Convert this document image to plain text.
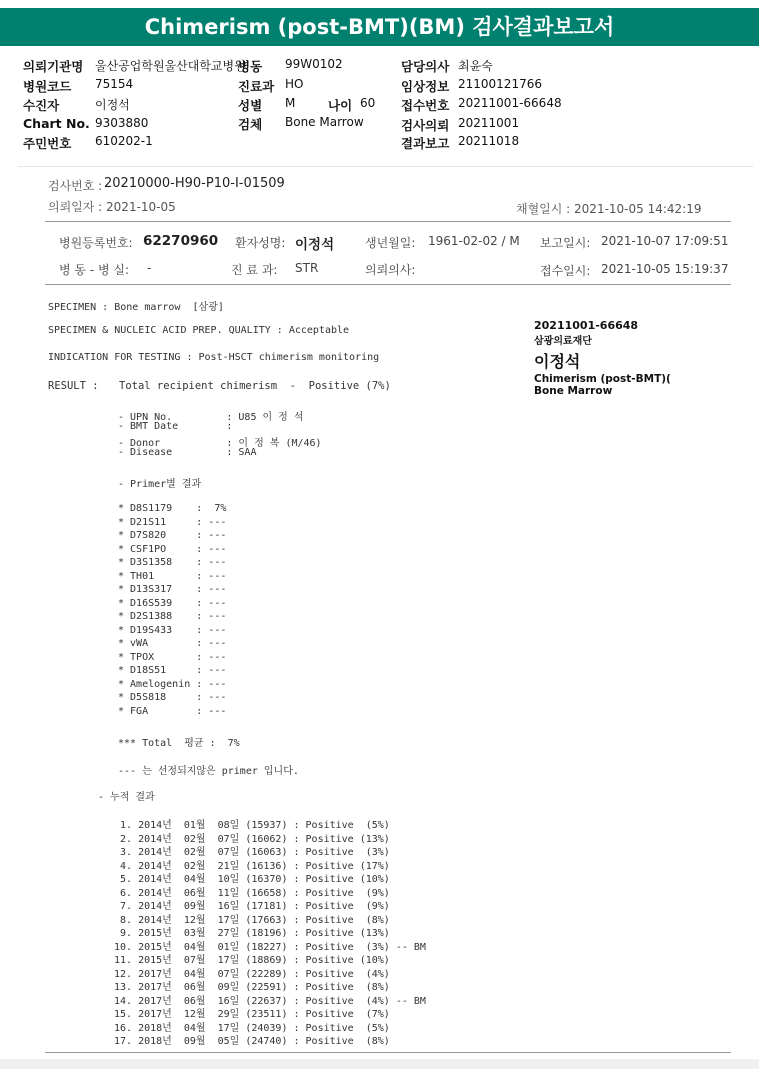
Chimerism (post-BMT)(BM) 검사결과보고서
의뢰기관명 울산공업학원울산대학교병원
병원코드 75154
수진자	이정석
Chart No. 9303880
주민번호 610202-1
병동 99W0102
진료과 HO
성별 M	나이 60
검체 Bone Marrow
담당의사 최윤숙
임상정보 21100121766
접수번호 20211001-66648
검사의뢰 20211001
결과보고 20211018
검사번호 : 20210000-H90-P10-I-01509
의뢰일자 : 2021-10-05	채혈일시 : 2021-10-05 14:42:19
병원등록번호: 62270960 환자성명: 이정석	생년월일: 1961-02-02 / M 보고일시: 2021-10-07 17:09:51
병 동 - 병 실: -	진 료 과: STR	의뢰의사:	접수일시: 2021-10-05 15:19:37
SPECIMEN : Bone marrow  [삼광]
SPECIMEN & NUCLEIC ACID PREP. QUALITY : Acceptable
INDICATION FOR TESTING : Post-HSCT chimerism monitoring
RESULT : Total recipient chimerism  -  Positive (7%)
- UPN No.         : U85 이 정 석
- BMT Date        :
- Donor           : 이 정 복 (M/46)
- Disease         : SAA
- Primer별 결과
* D8S1179    :  7%
* D21S11     : ---
* D7S820     : ---
* CSF1PO     : ---
* D3S1358    : ---
* TH01       : ---
* D13S317    : ---
* D16S539    : ---
* D2S1388    : ---
* D19S433    : ---
* vWA        : ---
* TPOX       : ---
* D18S51     : ---
* Amelogenin : ---
* D5S818     : ---
* FGA        : ---
*** Total  평균 :  7%
--- 는 선정되지않은 primer 입니다.
- 누적 결과
1. 2014년  01월  08일 (15937) : Positive  (5%)
2. 2014년  02월  07일 (16062) : Positive (13%)
3. 2014년  02월  07일 (16063) : Positive  (3%)
4. 2014년  02월  21일 (16136) : Positive (17%)
5. 2014년  04월  10일 (16370) : Positive (10%)
6. 2014년  06월  11일 (16658) : Positive  (9%)
7. 2014년  09월  16일 (17181) : Positive  (9%)
8. 2014년  12월  17일 (17663) : Positive  (8%)
9. 2015년  03월  27일 (18196) : Positive (13%)
10. 2015년  04월  01일 (18227) : Positive  (3%) -- BM
11. 2015년  07월  17일 (18869) : Positive (10%)
12. 2017년  04월  07일 (22289) : Positive  (4%)
13. 2017년  06월  09일 (22591) : Positive  (8%)
14. 2017년  06월  16일 (22637) : Positive  (4%) -- BM
15. 2017년  12월  29일 (23511) : Positive  (7%)
16. 2018년  04월  17일 (24039) : Positive  (5%)
17. 2018년  09월  05일 (24740) : Positive  (8%)
20211001-66648
삼광의료재단
이정석
Chimerism (post-BMT)(
Bone Marrow
